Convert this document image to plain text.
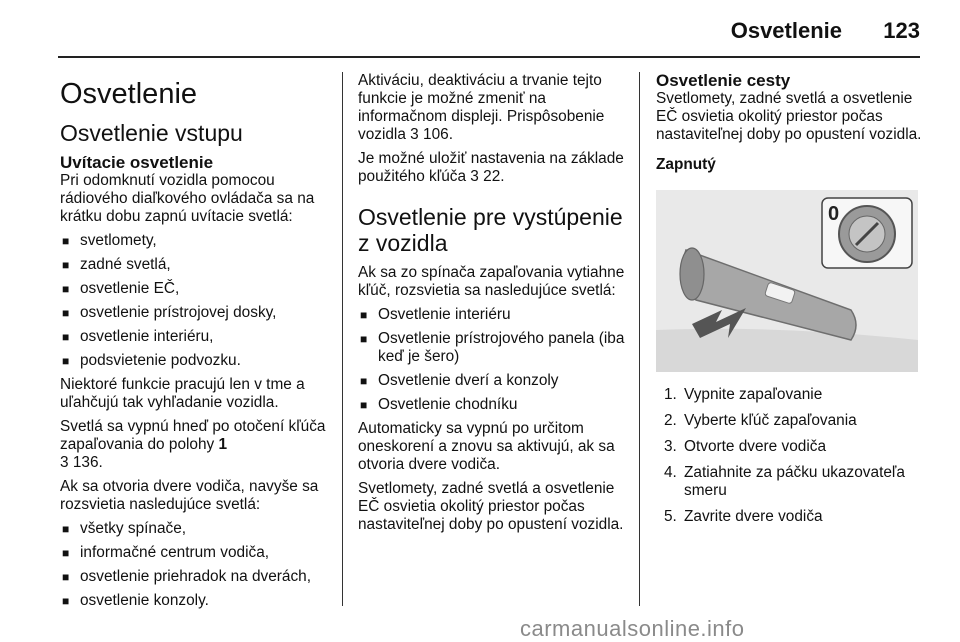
Osvetlenie 123
Osvetlenie
Osvetlenie vstupu
Uvítacie osvetlenie

Pri odomknutí vozidla pomocou rádiového diaľkového ovládača sa na krátku dobu zapnú uvítacie svetlá:

■ svetlomety,
■ zadné svetlá,
■ osvetlenie EČ,
■ osvetlenie prístrojovej dosky,
■ osvetlenie interiéru,
■ podsvietenie podvozku.

Niektoré funkcie pracujú len v tme a uľahčujú tak vyhľadanie vozidla.

Svetlá sa vypnú hneď po otočení kľúča zapaľovania do polohy 1
3 136.

Ak sa otvoria dvere vodiča, navyše sa rozsvietia nasledujúce svetlá:

■ všetky spínače,
■ informačné centrum vodiča,
■ osvetlenie priehradok na dverách,
■ osvetlenie konzoly.

Aktiváciu, deaktiváciu a trvanie tejto funkcie je možné zmeniť na informačnom displeji. Prispôsobenie vozidla 3 106.

Je možné uložiť nastavenia na základe použitého kľúča 3 22.

Osvetlenie pre vystúpenie z vozidla

Ak sa zo spínača zapaľovania vytiahne kľúč, rozsvietia sa nasledujúce svetlá:

■ Osvetlenie interiéru
■ Osvetlenie prístrojového panela (iba keď je šero)
■ Osvetlenie dverí a konzoly
■ Osvetlenie chodníku

Automaticky sa vypnú po určitom oneskorení a znovu sa aktivujú, ak sa otvoria dvere vodiča.

Svetlomety, zadné svetlá a osvetlenie EČ osvietia okolitý priestor počas nastaviteľnej doby po opustení vozidla.

Osvetlenie cesty

Svetlomety, zadné svetlá a osvetlenie EČ osvietia okolitý priestor počas nastaviteľnej doby po opustení vozidla.

Zapnutý

0
1. Vypnite zapaľovanie
2. Vyberte kľúč zapaľovania
3. Otvorte dvere vodiča
4. Zatiahnite za páčku ukazovateľa smeru
5. Zavrite dvere vodiča
carmanualsonline.info
